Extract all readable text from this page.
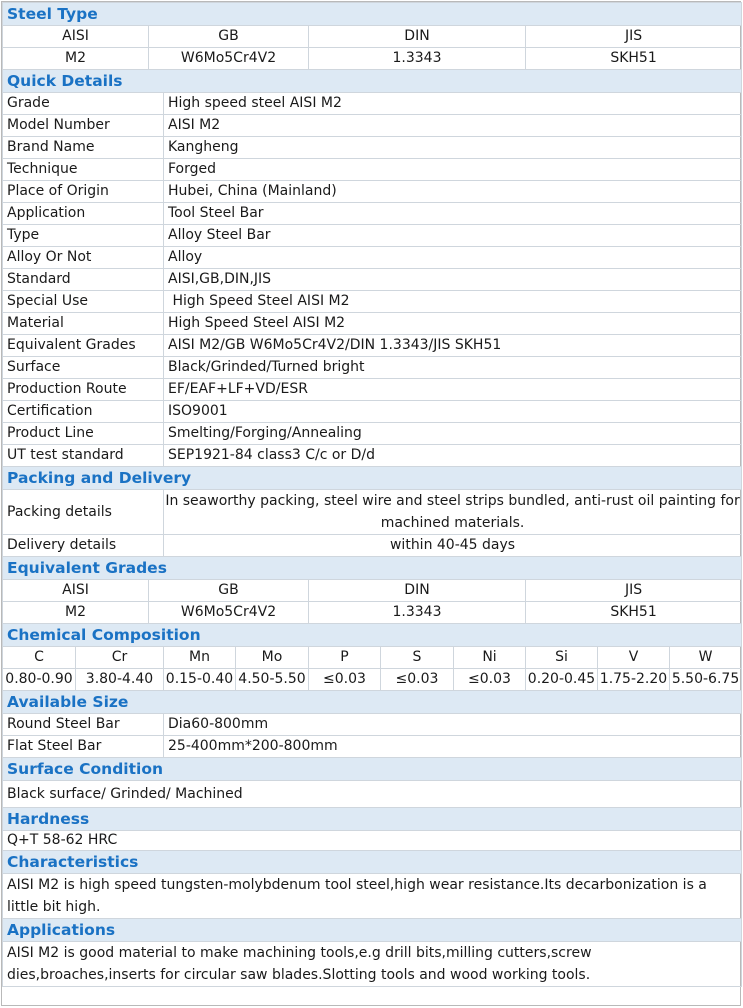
Steel Type										
AISI		GB			DIN			JIS		
M2		W6Mo5Cr4V2			1.3343			SKH51		
Quick Details										
Grade			High speed steel AISI M2							
Model Number			AISI M2							
Brand Name			Kangheng							
Technique			Forged							
Place of Origin			Hubei, China (Mainland)							
Application			Tool Steel Bar							
Type			Alloy Steel Bar							
Alloy Or Not			Alloy							
Standard			AISI,GB,DIN,JIS							
Special Use			High Speed Steel AISI M2							
Material			High Speed Steel AISI M2							
Equivalent Grades			AISI M2/GB W6Mo5Cr4V2/DIN 1.3343/JIS SKH51							
Surface			Black/Grinded/Turned bright							
Production Route			EF/EAF+LF+VD/ESR							
Certification			ISO9001							
Product Line			Smelting/Forging/Annealing							
UT test standard			SEP1921-84 class3 C/c or D/d							
Packing and Delivery										
Packing details			In seaworthy packing, steel wire and steel strips bundled, anti-rust oil painting for machined materials.							
Delivery details			within 40-45 days							
Equivalent Grades										
AISI		GB			DIN			JIS		
M2		W6Mo5Cr4V2			1.3343			SKH51		
Chemical Composition										
C	Cr		Mn	Mo	P	S	Ni	Si	V	W
0.80-0.90	3.80-4.40		0.15-0.40	4.50-5.50	≤0.03	≤0.03	≤0.03	0.20-0.45	1.75-2.20	5.50-6.75
Available Size										
Round Steel Bar			Dia60-800mm							
Flat Steel Bar			25-400mm*200-800mm							
Surface Condition										
Black surface/ Grinded/ Machined										
Hardness										
Q+T 58-62 HRC										
Characteristics										
AISI M2 is high speed tungsten-molybdenum tool steel,high wear resistance.Its decarbonization is a little bit high.										
Applications										
AISI M2 is good material to make machining tools,e.g drill bits,milling cutters,screw dies,broaches,inserts for circular saw blades.Slotting tools and wood working tools.										
